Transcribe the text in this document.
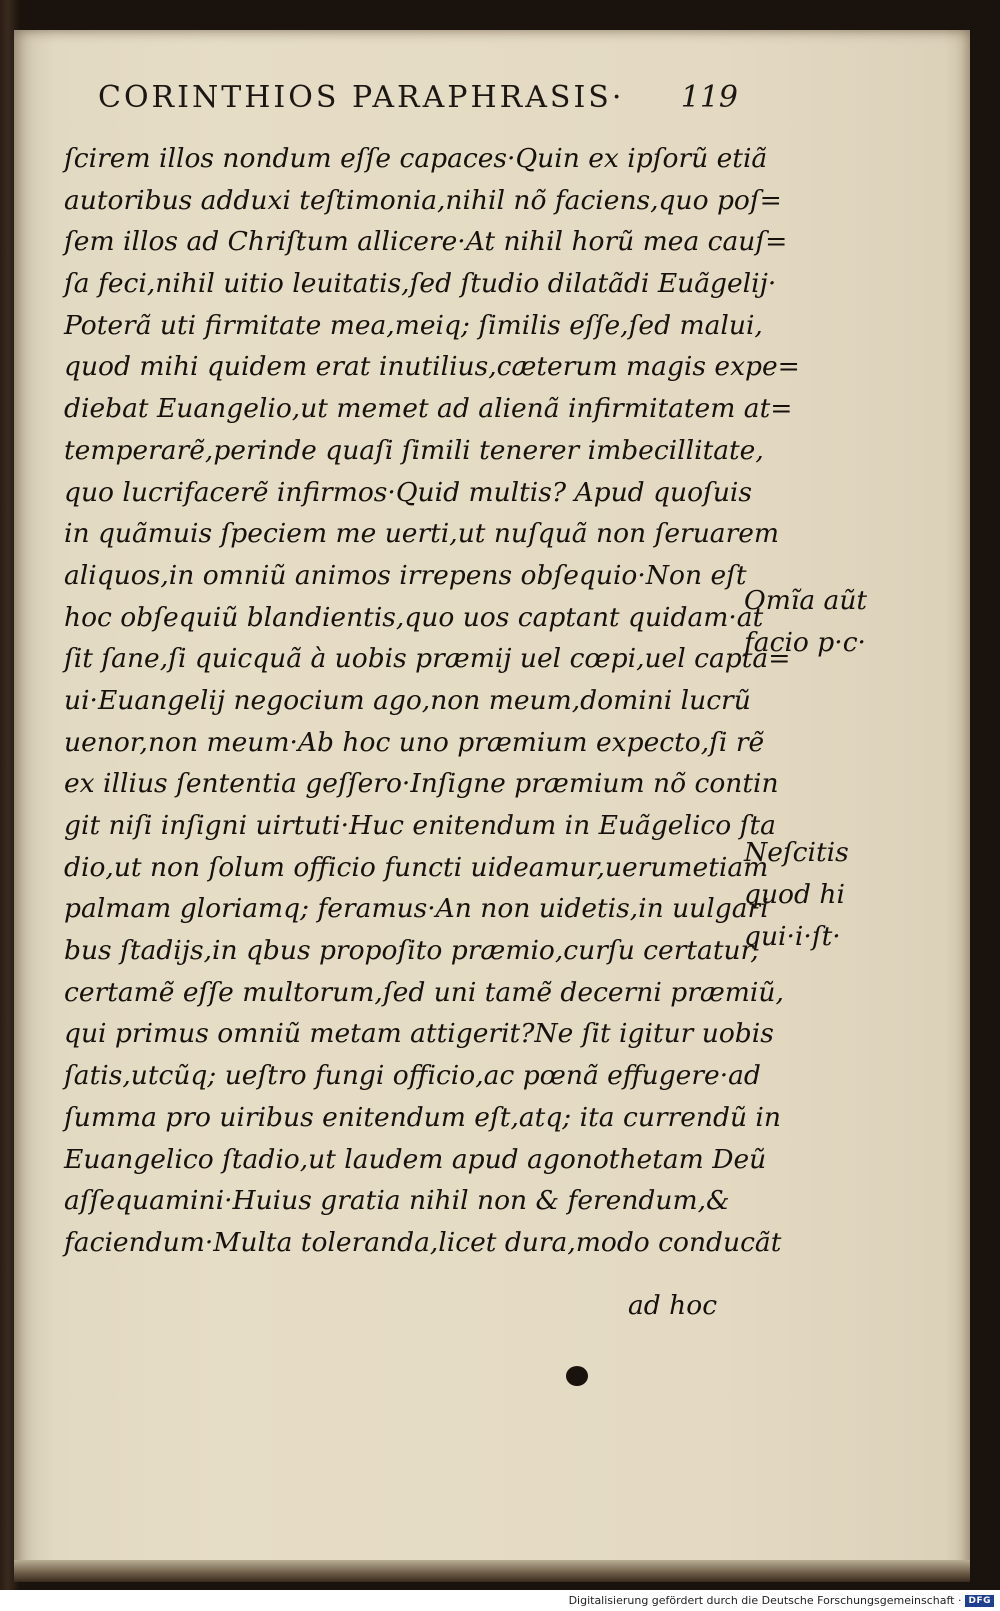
CORINTHIOS PARAPHRASIS· 119
ſcirem illos nondum eſſe capaces·Quin ex ipſorũ etiã
autoribus adduxi teſtimonia,nihil nõ faciens,quo poſ=
ſem illos ad Chriſtum allicere·At nihil horũ mea cauſ=
ſa feci,nihil uitio leuitatis,ſed ſtudio dilatãdi Euãgelij·
Poterã uti firmitate mea,meiq; ſimilis eſſe,ſed malui,
quod mihi quidem erat inutilius,cæterum magis expe=
diebat Euangelio,ut memet ad alienã infirmitatem at=
temperarẽ,perinde quaſi ſimili tenerer imbecillitate,
quo lucrifacerẽ infirmos·Quid multis? Apud quoſuis
in quãmuis ſpeciem me uerti,ut nuſquã non ſeruarem
aliquos,in omniũ animos irrepens obſequio·Non eſt
hoc obſequiũ blandientis,quo uos captant quidam·at
ſit ſane,ſi quicquã à uobis præmij uel cœpi,uel capta=
ui·Euangelij negocium ago,non meum,domini lucrũ
uenor,non meum·Ab hoc uno præmium expecto,ſi rẽ
ex illius ſententia geſſero·Inſigne præmium nõ contin
git niſi inſigni uirtuti·Huc enitendum in Euãgelico ſta
dio,ut non ſolum officio functi uideamur,uerumetiam
palmam gloriamq; feramus·An non uidetis,in uulgari
bus ſtadijs,in qbus propoſito præmio,curſu certatur,
certamẽ eſſe multorum,ſed uni tamẽ decerni præmiũ,
qui primus omniũ metam attigerit?Ne ſit igitur uobis
ſatis,utcũq; ueſtro fungi officio,ac pœnã effugere·ad
ſumma pro uiribus enitendum eſt,atq; ita currendũ in
Euangelico ſtadio,ut laudem apud agonothetam Deũ
aſſequamini·Huius gratia nihil non & ferendum,&
faciendum·Multa toleranda,licet dura,modo conducãt
ad hoc
Omĩa aũt
facio p·c·
Neſcitis
quod hi
qui·i·ſt·
Digitalisierung gefördert durch die Deutsche Forschungsgemeinschaft · DFG
